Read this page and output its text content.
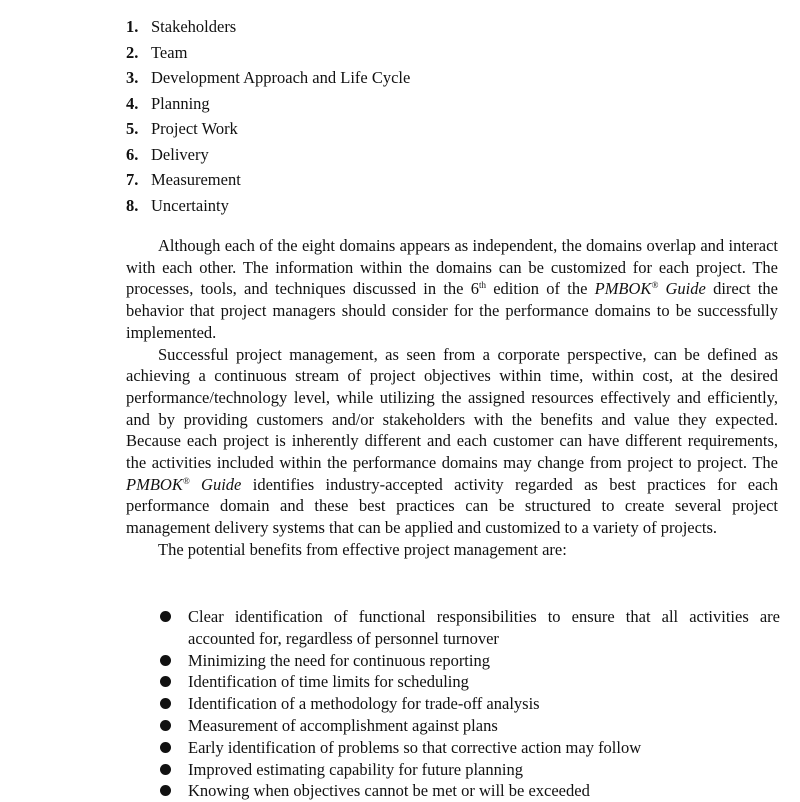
1. Stakeholders
2. Team
3. Development Approach and Life Cycle
4. Planning
5. Project Work
6. Delivery
7. Measurement
8. Uncertainty

Although each of the eight domains appears as independent, the domains overlap and interact with each other. The information within the domains can be customized for each project. The processes, tools, and techniques discussed in the 6th edition of the PMBOK® Guide direct the behavior that project managers should consider for the performance domains to be successfully implemented.

Successful project management, as seen from a corporate perspective, can be defined as achieving a continuous stream of project objectives within time, within cost, at the desired performance/technology level, while utilizing the assigned resources effectively and efficiently, and by providing customers and/or stakeholders with the benefits and value they expected. Because each project is inherently different and each customer can have different requirements, the activities included within the performance domains may change from project to project. The PMBOK® Guide identifies industry-accepted activity regarded as best practices for each performance domain and these best practices can be structured to create several project management delivery systems that can be applied and customized to a variety of projects.

The potential benefits from effective project management are:

Clear identification of functional responsibilities to ensure that all activities are accounted for, regardless of personnel turnover
Minimizing the need for continuous reporting
Identification of time limits for scheduling
Identification of a methodology for trade-off analysis
Measurement of accomplishment against plans
Early identification of problems so that corrective action may follow
Improved estimating capability for future planning
Knowing when objectives cannot be met or will be exceeded
